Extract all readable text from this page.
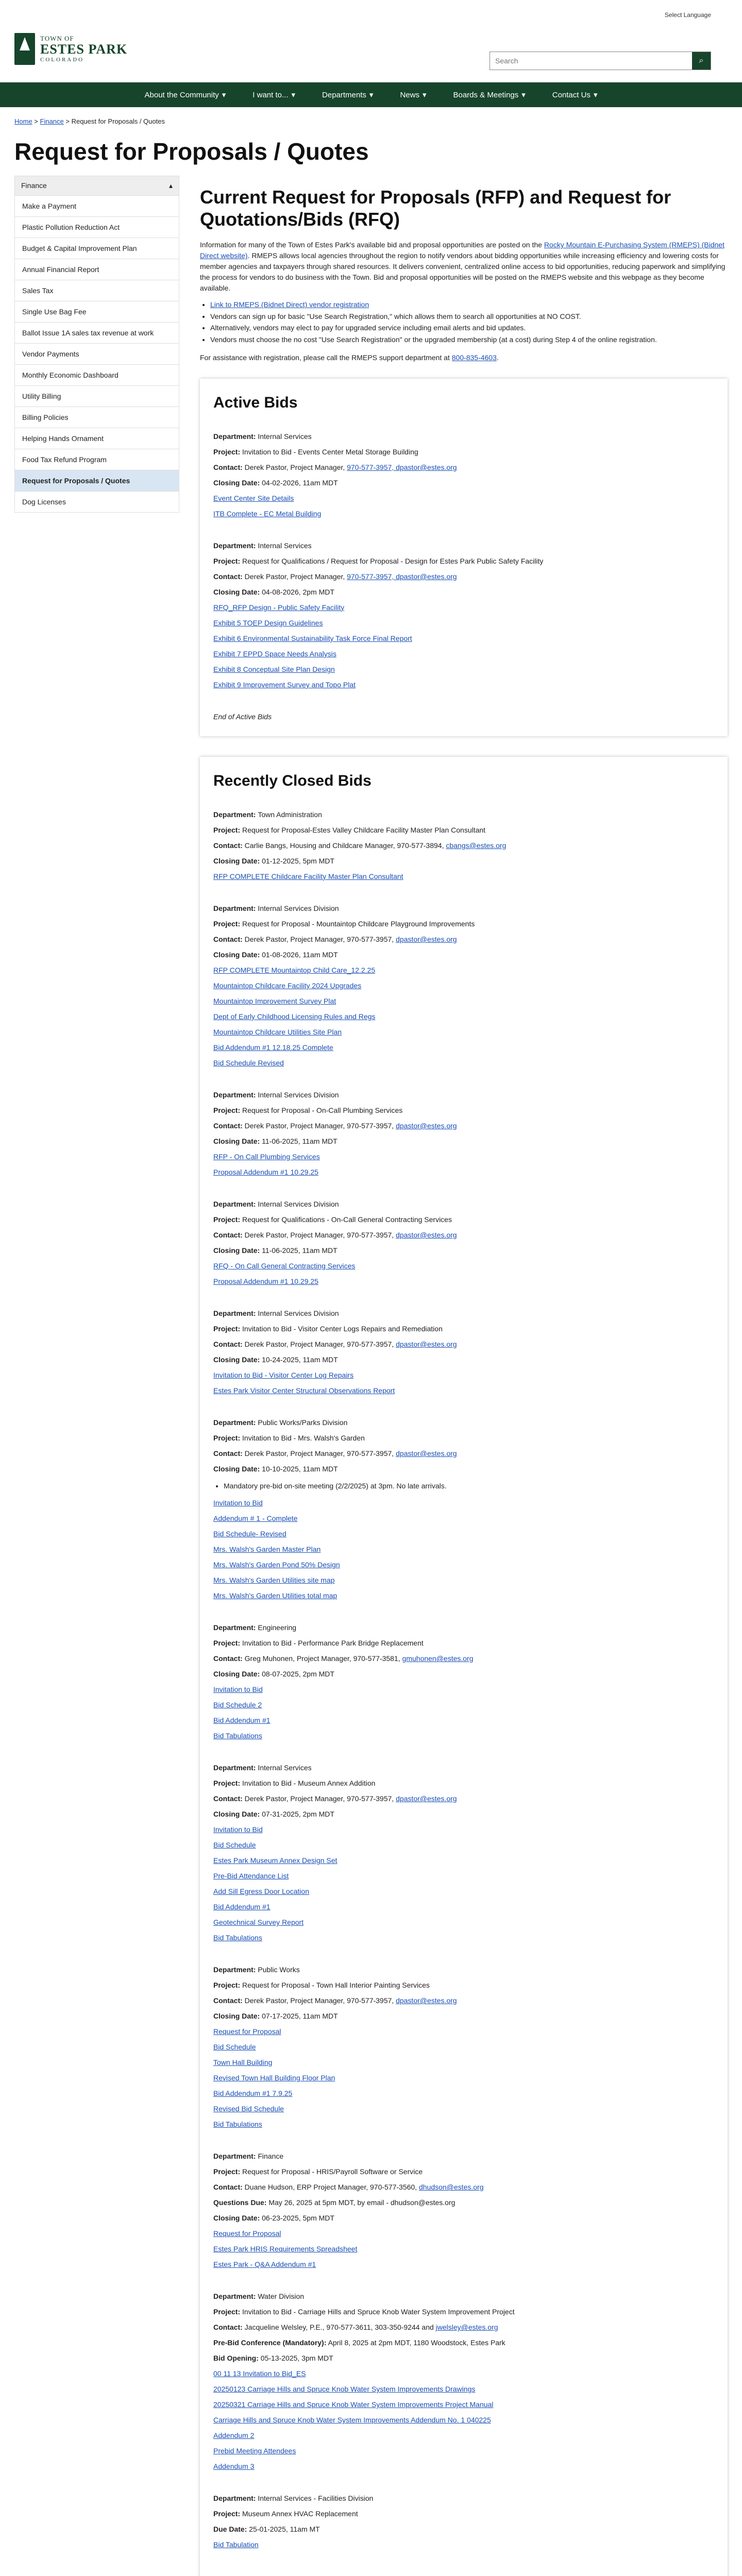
Select Language
TOWN OF
ESTES PARK
COLORADO
Search	⌕
About the Community ▾	I want to... ▾	Departments ▾	News ▾	Boards & Meetings ▾	Contact Us ▾
Home > Finance > Request for Proposals / Quotes
Request for Proposals / Quotes
Finance	▴
Make a Payment
Plastic Pollution Reduction Act
Budget & Capital Improvement Plan
Annual Financial Report
Sales Tax
Single Use Bag Fee
Ballot Issue 1A sales tax revenue at work
Vendor Payments
Monthly Economic Dashboard
Utility Billing
Billing Policies
Helping Hands Ornament
Food Tax Refund Program
Request for Proposals / Quotes
Dog Licenses
Current Request for Proposals (RFP) and Request for Quotations/Bids (RFQ)

Information for many of the Town of Estes Park's available bid and proposal opportunities are posted on the Rocky Mountain E-Purchasing System (RMEPS) (Bidnet Direct website). RMEPS allows local agencies throughout the region to notify vendors about bidding opportunities while increasing efficiency and lowering costs for member agencies and taxpayers through shared resources. It delivers convenient, centralized online access to bid opportunities, reducing paperwork and simplifying the process for vendors to do business with the Town. Bid and proposal opportunities will be posted on the RMEPS website and this webpage as they become available.

• Link to RMEPS (Bidnet Direct) vendor registration
• Vendors can sign up for basic "Use Search Registration," which allows them to search all opportunities at NO COST.
• Alternatively, vendors may elect to pay for upgraded service including email alerts and bid updates.
• Vendors must choose the no cost "Use Search Registration" or the upgraded membership (at a cost) during Step 4 of the online registration.

For assistance with registration, please call the RMEPS support department at 800-835-4603.

Active Bids
Department: Internal Services
Project: Invitation to Bid - Events Center Metal Storage Building
Contact: Derek Pastor, Project Manager, 970-577-3957, dpastor@estes.org
Closing Date: 04-02-2026, 11am MDT
Event Center Site Details
ITB Complete - EC Metal Building
Department: Internal Services
Project: Request for Qualifications / Request for Proposal - Design for Estes Park Public Safety Facility
Contact: Derek Pastor, Project Manager, 970-577-3957, dpastor@estes.org
Closing Date: 04-08-2026, 2pm MDT
RFQ_RFP Design - Public Safety Facility
Exhibit 5 TOEP Design Guidelines
Exhibit 6 Environmental Sustainability Task Force Final Report
Exhibit 7 EPPD Space Needs Analysis
Exhibit 8 Conceptual Site Plan Design
Exhibit 9 Improvement Survey and Topo Plat
End of Active Bids
Recently Closed Bids
Department: Town Administration
Project: Request for Proposal-Estes Valley Childcare Facility Master Plan Consultant
Contact: Carlie Bangs, Housing and Childcare Manager, 970-577-3894, cbangs@estes.org
Closing Date: 01-12-2025, 5pm MDT
RFP COMPLETE Childcare Facility Master Plan Consultant
Department: Internal Services Division
Project: Request for Proposal - Mountaintop Childcare Playground Improvements
Contact: Derek Pastor, Project Manager, 970-577-3957, dpastor@estes.org
Closing Date: 01-08-2026, 11am MDT
RFP COMPLETE Mountaintop Child Care_12.2.25
Mountaintop Childcare Facility 2024 Upgrades
Mountaintop Improvement Survey Plat
Dept of Early Childhood Licensing Rules and Regs
Mountaintop Childcare Utilities Site Plan
Bid Addendum #1 12.18.25 Complete
Bid Schedule Revised
Department: Internal Services Division
Project: Request for Proposal - On-Call Plumbing Services
Contact: Derek Pastor, Project Manager, 970-577-3957, dpastor@estes.org
Closing Date: 11-06-2025, 11am MDT
RFP - On Call Plumbing Services
Proposal Addendum #1 10.29.25
Department: Internal Services Division
Project: Request for Qualifications - On-Call General Contracting Services
Contact: Derek Pastor, Project Manager, 970-577-3957, dpastor@estes.org
Closing Date: 11-06-2025, 11am MDT
RFQ - On Call General Contracting Services
Proposal Addendum #1 10.29.25
Department: Internal Services Division
Project: Invitation to Bid - Visitor Center Logs Repairs and Remediation
Contact: Derek Pastor, Project Manager, 970-577-3957, dpastor@estes.org
Closing Date: 10-24-2025, 11am MDT
Invitation to Bid - Visitor Center Log Repairs
Estes Park Visitor Center Structural Observations Report
Department: Public Works/Parks Division
Project: Invitation to Bid - Mrs. Walsh's Garden
Contact: Derek Pastor, Project Manager, 970-577-3957, dpastor@estes.org
Closing Date: 10-10-2025, 11am MDT
• Mandatory pre-bid on-site meeting (2/2/2025) at 3pm. No late arrivals.
Invitation to Bid
Addendum # 1 - Complete
Bid Schedule- Revised
Mrs. Walsh's Garden Master Plan
Mrs. Walsh's Garden Pond 50% Design
Mrs. Walsh's Garden Utilities site map
Mrs. Walsh's Garden Utilities total map
Department: Engineering
Project: Invitation to Bid - Performance Park Bridge Replacement
Contact: Greg Muhonen, Project Manager, 970-577-3581, gmuhonen@estes.org
Closing Date: 08-07-2025, 2pm MDT
Invitation to Bid
Bid Schedule 2
Bid Addendum #1
Bid Tabulations
Department: Internal Services
Project: Invitation to Bid - Museum Annex Addition
Contact: Derek Pastor, Project Manager, 970-577-3957, dpastor@estes.org
Closing Date: 07-31-2025, 2pm MDT
Invitation to Bid
Bid Schedule
Estes Park Museum Annex Design Set
Pre-Bid Attendance List
Add Sill Egress Door Location
Bid Addendum #1
Geotechnical Survey Report
Bid Tabulations
Department: Public Works
Project: Request for Proposal - Town Hall Interior Painting Services
Contact: Derek Pastor, Project Manager, 970-577-3957, dpastor@estes.org
Closing Date: 07-17-2025, 11am MDT
Request for Proposal
Bid Schedule
Town Hall Building
Revised Town Hall Building Floor Plan
Bid Addendum #1 7.9.25
Revised Bid Schedule
Bid Tabulations
Department: Finance
Project: Request for Proposal - HRIS/Payroll Software or Service
Contact: Duane Hudson, ERP Project Manager, 970-577-3560, dhudson@estes.org
Questions Due: May 26, 2025 at 5pm MDT, by email - dhudson@estes.org
Closing Date: 06-23-2025, 5pm MDT
Request for Proposal
Estes Park HRIS Requirements Spreadsheet
Estes Park - Q&A Addendum #1
Department: Water Division
Project: Invitation to Bid - Carriage Hills and Spruce Knob Water System Improvement Project
Contact: Jacqueline Welsley, P.E., 970-577-3611, 303-350-9244 and jwelsley@estes.org
Pre-Bid Conference (Mandatory): April 8, 2025 at 2pm MDT, 1180 Woodstock, Estes Park
Bid Opening: 05-13-2025, 3pm MDT
00 11 13 Invitation to Bid_ES
20250123 Carriage Hills and Spruce Knob Water System Improvements Drawings
20250321 Carriage Hills and Spruce Knob Water System Improvements Project Manual
Carriage Hills and Spruce Knob Water System Improvements Addendum No. 1 040225
Addendum 2
Prebid Meeting Attendees
Addendum 3
Department: Internal Services - Facilities Division
Project: Museum Annex HVAC Replacement
Due Date: 25-01-2025, 11am MT
Bid Tabulation
